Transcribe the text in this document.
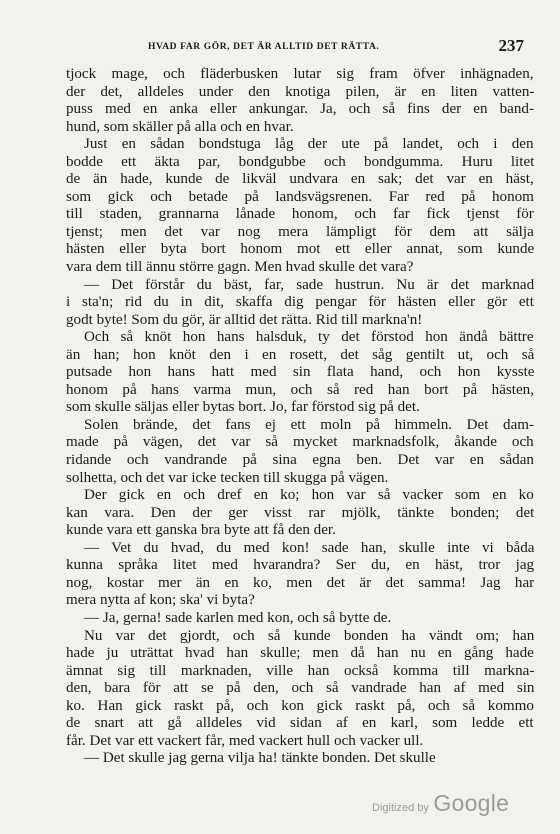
HVAD FAR GÖR, DET ÄR ALLTID DET RÄTTA.	237
tjock mage, och fläderbusken lutar sig fram öfver inhägnaden,
der det, alldeles under den knotiga pilen, är en liten vatten-
puss med en anka eller ankungar. Ja, och så fins der en band-
hund, som skäller på alla och en hvar.
Just en sådan bondstuga låg der ute på landet, och i den
bodde ett äkta par, bondgubbe och bondgumma. Huru litet
de än hade, kunde de likväl undvara en sak; det var en häst,
som gick och betade på landsvägsrenen. Far red på honom
till staden, grannarna lånade honom, och far fick tjenst för
tjenst; men det var nog mera lämpligt för dem att sälja
hästen eller byta bort honom mot ett eller annat, som kunde
vara dem till ännu större gagn. Men hvad skulle det vara?
— Det förstår du bäst, far, sade hustrun. Nu är det marknad
i sta'n; rid du in dit, skaffa dig pengar för hästen eller gör ett
godt byte! Som du gör, är alltid det rätta. Rid till markna'n!
Och så knöt hon hans halsduk, ty det förstod hon ändå bättre
än han; hon knöt den i en rosett, det såg gentilt ut, och så
putsade hon hans hatt med sin flata hand, och hon kysste
honom på hans varma mun, och så red han bort på hästen,
som skulle säljas eller bytas bort. Jo, far förstod sig på det.
Solen brände, det fans ej ett moln på himmeln. Det dam-
made på vägen, det var så mycket marknadsfolk, åkande och
ridande och vandrande på sina egna ben. Det var en sådan
solhetta, och det var icke tecken till skugga på vägen.
Der gick en och dref en ko; hon var så vacker som en ko
kan vara. Den der ger visst rar mjölk, tänkte bonden; det
kunde vara ett ganska bra byte att få den der.
— Vet du hvad, du med kon! sade han, skulle inte vi båda
kunna språka litet med hvarandra? Ser du, en häst, tror jag
nog, kostar mer än en ko, men det är det samma! Jag har
mera nytta af kon; ska' vi byta?
— Ja, gerna! sade karlen med kon, och så bytte de.
Nu var det gjordt, och så kunde bonden ha vändt om; han
hade ju uträttat hvad han skulle; men då han nu en gång hade
ämnat sig till marknaden, ville han också komma till markna-
den, bara för att se på den, och så vandrade han af med sin
ko. Han gick raskt på, och kon gick raskt på, och så kommo
de snart att gå alldeles vid sidan af en karl, som ledde ett
får. Det var ett vackert får, med vackert hull och vacker ull.
— Det skulle jag gerna vilja ha! tänkte bonden. Det skulle
Digitized by Google
